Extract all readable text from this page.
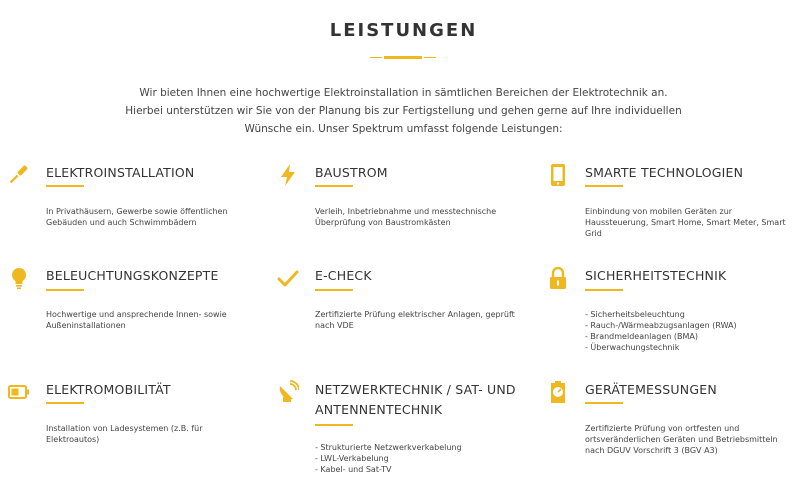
LEISTUNGEN

Wir bieten Ihnen eine hochwertige Elektroinstallation in sämtlichen Bereichen der Elektrotechnik an.

Hierbei unterstützen wir Sie von der Planung bis zur Fertigstellung und gehen gerne auf Ihre individuellen

Wünsche ein. Unser Spektrum umfasst folgende Leistungen:

ELEKTROINSTALLATION

In Privathäusern, Gewerbe sowie öffentlichen

Gebäuden und auch Schwimmbädern

BAUSTROM

Verleih, Inbetriebnahme und messtechnische

Überprüfung von Baustromkästen

SMARTE TECHNOLOGIEN

Einbindung von mobilen Geräten zur

Haussteuerung, Smart Home, Smart Meter, Smart

Grid

BELEUCHTUNGSKONZEPTE

Hochwertige und ansprechende Innen- sowie

Außeninstallationen

E-CHECK

Zertifizierte Prüfung elektrischer Anlagen, geprüft

nach VDE

SICHERHEITSTECHNIK

- Sicherheitsbeleuchtung

- Rauch-/Wärmeabzugsanlagen (RWA)

- Brandmeldeanlagen (BMA)

- Überwachungstechnik

ELEKTROMOBILITÄT

Installation von Ladesystemen (z.B. für

Elektroautos)

NETZWERKTECHNIK / SAT- UND
ANTENNENTECHNIK

- Strukturierte Netzwerkverkabelung

- LWL-Verkabelung

- Kabel- und Sat-TV

GERÄTEMESSUNGEN

Zertifizierte Prüfung von ortfesten und

ortsveränderlichen Geräten und Betriebsmitteln

nach DGUV Vorschrift 3 (BGV A3)
